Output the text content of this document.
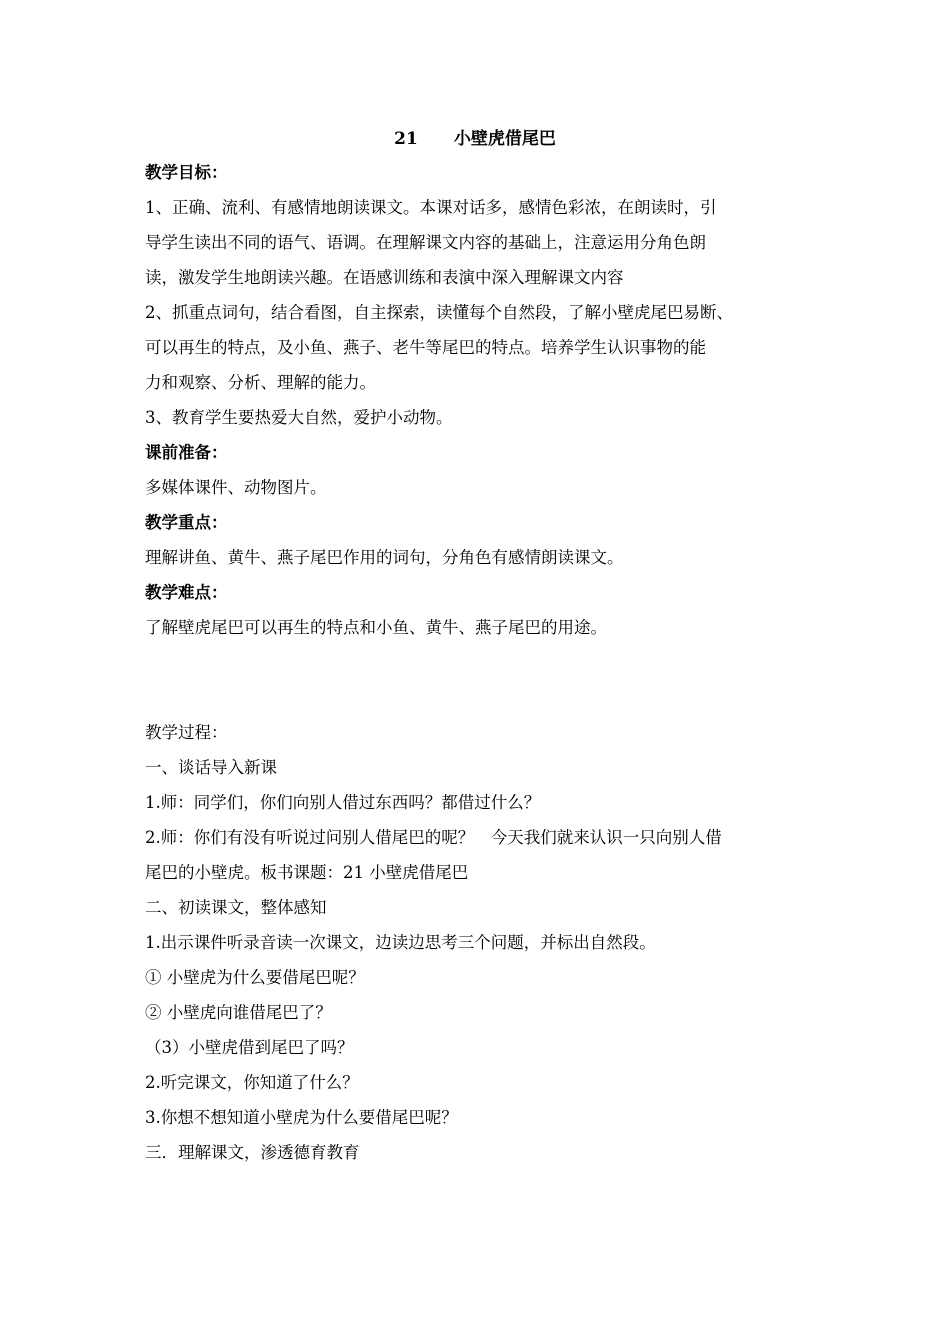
21 小壁虎借尾巴

教学目标：

1、正确、流利、有感情地朗读课文。本课对话多，感情色彩浓，在朗读时，引

导学生读出不同的语气、语调。在理解课文内容的基础上，注意运用分角色朗

读，激发学生地朗读兴趣。在语感训练和表演中深入理解课文内容

2、抓重点词句，结合看图，自主探索，读懂每个自然段，了解小壁虎尾巴易断、

可以再生的特点，及小鱼、燕子、老牛等尾巴的特点。培养学生认识事物的能

力和观察、分析、理解的能力。

3、教育学生要热爱大自然，爱护小动物。

课前准备：

多媒体课件、动物图片。

教学重点：

理解讲鱼、黄牛、燕子尾巴作用的词句，分角色有感情朗读课文。

教学难点：

了解壁虎尾巴可以再生的特点和小鱼、黄牛、燕子尾巴的用途。

教学过程：

一、谈话导入新课

1.师：同学们，你们向别人借过东西吗？都借过什么？

2.师：你们有没有听说过问别人借尾巴的呢？　今天我们就来认识一只向别人借

尾巴的小壁虎。板书课题：21 小壁虎借尾巴

二、初读课文，整体感知

1.出示课件听录音读一次课文，边读边思考三个问题，并标出自然段。

① 小壁虎为什么要借尾巴呢？

② 小壁虎向谁借尾巴了？

（3）小壁虎借到尾巴了吗？

2.听完课文，你知道了什么？

3.你想不想知道小壁虎为什么要借尾巴呢？

三．理解课文，渗透德育教育
